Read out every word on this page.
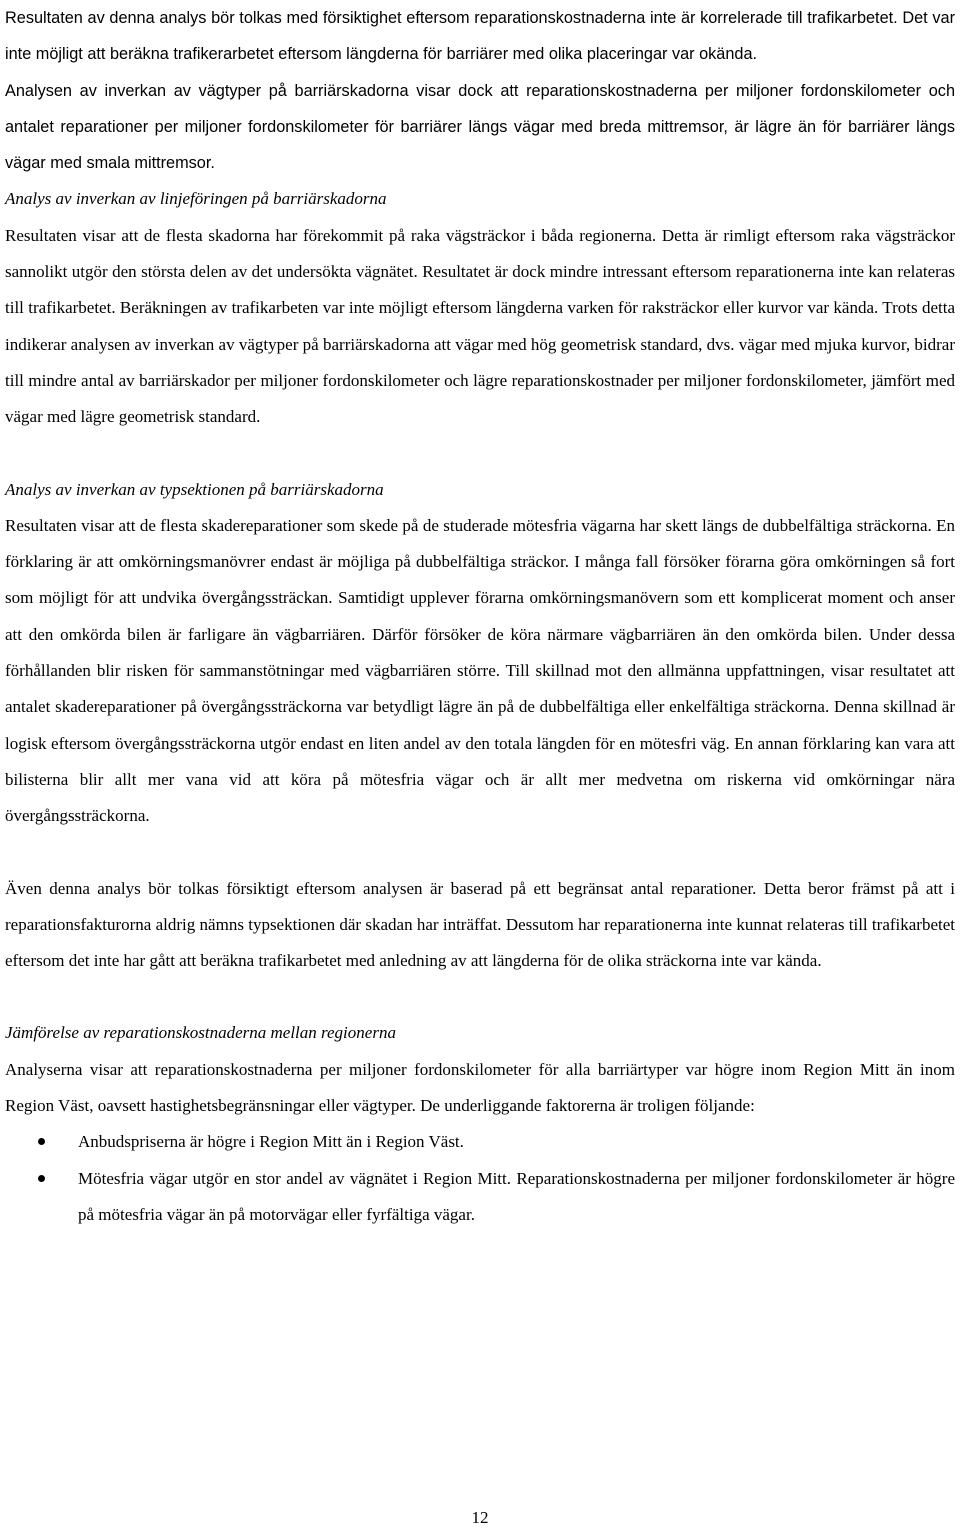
Resultaten av denna analys bör tolkas med försiktighet eftersom reparationskostnaderna inte är korrelerade till trafikarbetet. Det var inte möjligt att beräkna trafikerarbetet eftersom längderna för barriärer med olika placeringar var okända.

Analysen av inverkan av vägtyper på barriärskadorna visar dock att reparationskostnaderna per miljoner fordonskilometer och antalet reparationer per miljoner fordonskilometer för barriärer längs vägar med breda mittremsor, är lägre än för barriärer längs vägar med smala mittremsor.

Analys av inverkan av linjeföringen på barriärskadorna

Resultaten visar att de flesta skadorna har förekommit på raka vägsträckor i båda regionerna. Detta är rimligt eftersom raka vägsträckor sannolikt utgör den största delen av det undersökta vägnätet. Resultatet är dock mindre intressant eftersom reparationerna inte kan relateras till trafikarbetet. Beräkningen av trafikarbeten var inte möjligt eftersom längderna varken för raksträckor eller kurvor var kända. Trots detta indikerar analysen av inverkan av vägtyper på barriärskadorna att vägar med hög geometrisk standard, dvs. vägar med mjuka kurvor, bidrar till mindre antal av barriärskador per miljoner fordonskilometer och lägre reparationskostnader per miljoner fordonskilometer, jämfört med vägar med lägre geometrisk standard.

Analys av inverkan av typsektionen på barriärskadorna

Resultaten visar att de flesta skadereparationer som skede på de studerade mötesfria vägarna har skett längs de dubbelfältiga sträckorna. En förklaring är att omkörningsmanövrer endast är möjliga på dubbelfältiga sträckor. I många fall försöker förarna göra omkörningen så fort som möjligt för att undvika övergångssträckan. Samtidigt upplever förarna omkörningsmanövern som ett komplicerat moment och anser att den omkörda bilen är farligare än vägbarriären. Därför försöker de köra närmare vägbarriären än den omkörda bilen. Under dessa förhållanden blir risken för sammanstötningar med vägbarriären större. Till skillnad mot den allmänna uppfattningen, visar resultatet att antalet skadereparationer på övergångssträckorna var betydligt lägre än på de dubbelfältiga eller enkelfältiga sträckorna. Denna skillnad är logisk eftersom övergångssträckorna utgör endast en liten andel av den totala längden för en mötesfri väg. En annan förklaring kan vara att bilisterna blir allt mer vana vid att köra på mötesfria vägar och är allt mer medvetna om riskerna vid omkörningar nära övergångssträckorna.

Även denna analys bör tolkas försiktigt eftersom analysen är baserad på ett begränsat antal reparationer. Detta beror främst på att i reparationsfakturorna aldrig nämns typsektionen där skadan har inträffat. Dessutom har reparationerna inte kunnat relateras till trafikarbetet eftersom det inte har gått att beräkna trafikarbetet med anledning av att längderna för de olika sträckorna inte var kända.

Jämförelse av reparationskostnaderna mellan regionerna

Analyserna visar att reparationskostnaderna per miljoner fordonskilometer för alla barriärtyper var högre inom Region Mitt än inom Region Väst, oavsett hastighetsbegränsningar eller vägtyper. De underliggande faktorerna är troligen följande:

Anbudspriserna är högre i Region Mitt än i Region Väst.
Mötesfria vägar utgör en stor andel av vägnätet i Region Mitt. Reparationskostnaderna per miljoner fordonskilometer är högre på mötesfria vägar än på motorvägar eller fyrfältiga vägar.
12
